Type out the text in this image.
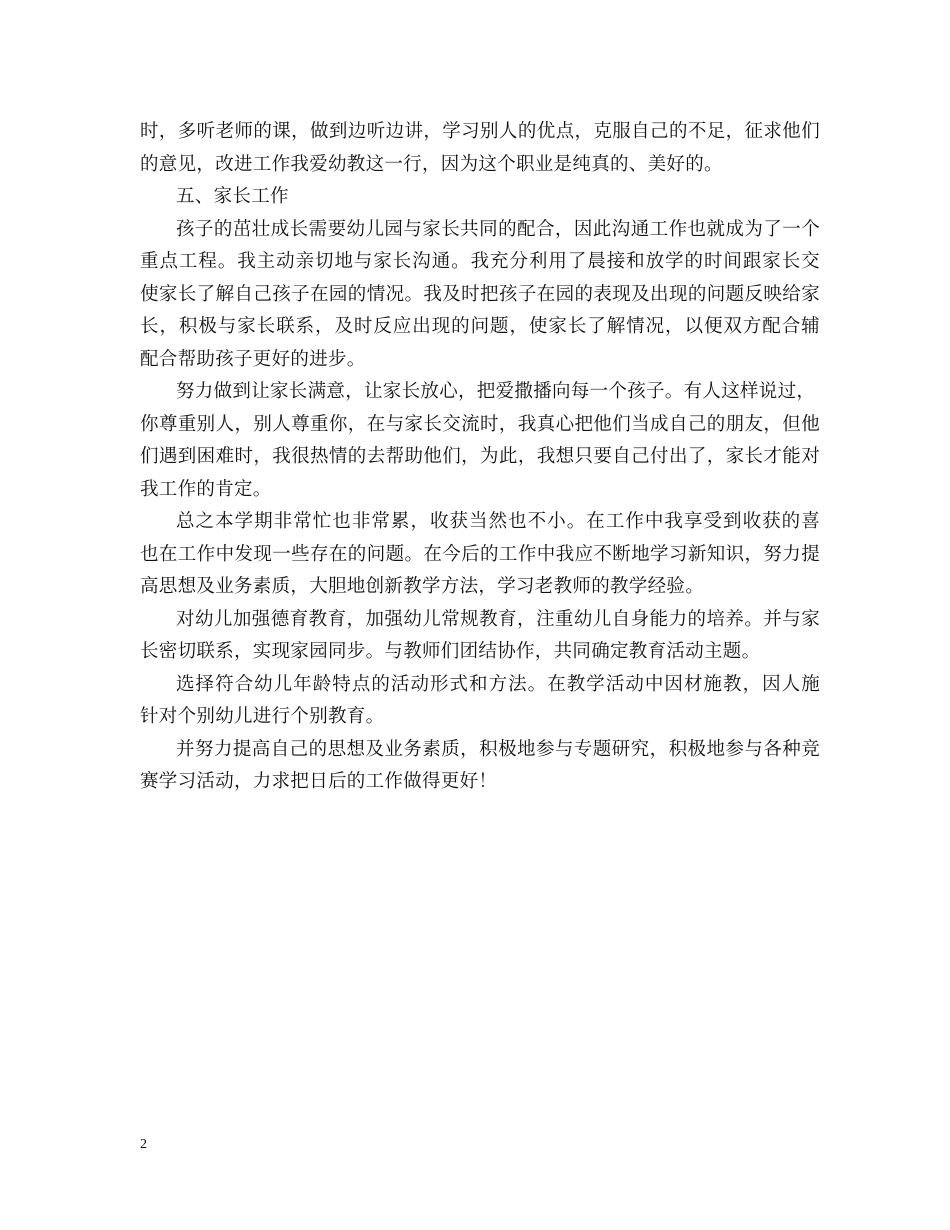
时，多听老师的课，做到边听边讲，学习别人的优点，克服自己的不足，征求他们
的意见，改进工作我爱幼教这一行，因为这个职业是纯真的、美好的。
五、家长工作
孩子的茁壮成长需要幼儿园与家长共同的配合，因此沟通工作也就成为了一个
重点工程。我主动亲切地与家长沟通。我充分利用了晨接和放学的时间跟家长交
使家长了解自己孩子在园的情况。我及时把孩子在园的表现及出现的问题反映给家
长，积极与家长联系，及时反应出现的问题，使家长了解情况，以便双方配合辅
配合帮助孩子更好的进步。
努力做到让家长满意，让家长放心，把爱撒播向每一个孩子。有人这样说过，
你尊重别人，别人尊重你，在与家长交流时，我真心把他们当成自己的朋友，但他
们遇到困难时，我很热情的去帮助他们，为此，我想只要自己付出了，家长才能对
我工作的肯定。
总之本学期非常忙也非常累，收获当然也不小。在工作中我享受到收获的喜
也在工作中发现一些存在的问题。在今后的工作中我应不断地学习新知识，努力提
高思想及业务素质，大胆地创新教学方法，学习老教师的教学经验。
对幼儿加强德育教育，加强幼儿常规教育，注重幼儿自身能力的培养。并与家
长密切联系，实现家园同步。与教师们团结协作，共同确定教育活动主题。
选择符合幼儿年龄特点的活动形式和方法。在教学活动中因材施教，因人施
针对个别幼儿进行个别教育。
并努力提高自己的思想及业务素质，积极地参与专题研究，积极地参与各种竞
赛学习活动，力求把日后的工作做得更好！
2
